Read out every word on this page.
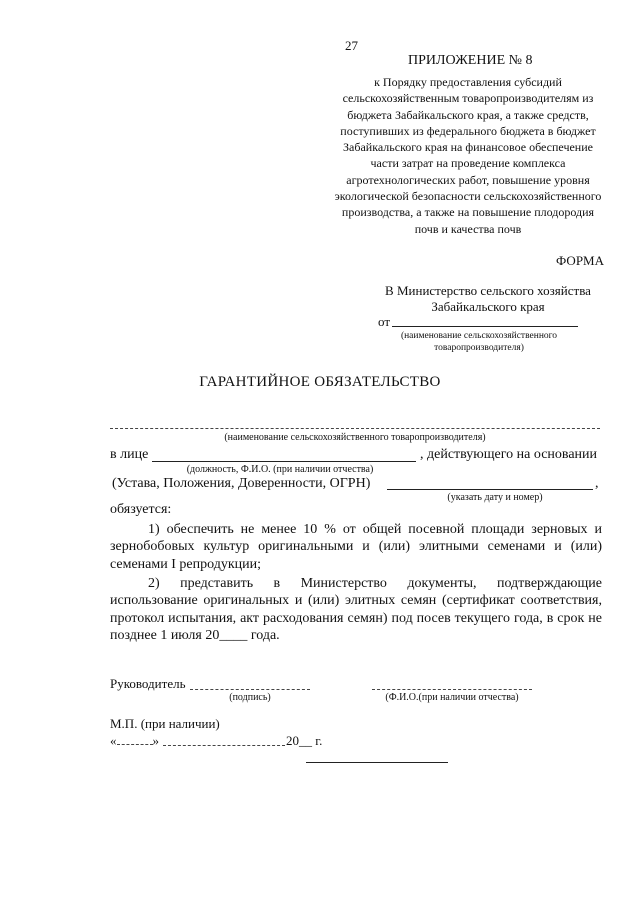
27
ПРИЛОЖЕНИЕ № 8
к Порядку предоставления субсидий сельскохозяйственным товаропроизводителям из бюджета Забайкальского края, а также средств, поступивших из федерального бюджета в бюджет Забайкальского края на финансовое обеспечение части затрат на проведение комплекса агротехнологических работ, повышение уровня экологической безопасности сельскохозяйственного производства, а также на повышение плодородия почв и качества почв
ФОРМА
В Министерство сельского хозяйства
Забайкальского края
от
(наименование сельскохозяйственного товаропроизводителя)
ГАРАНТИЙНОЕ ОБЯЗАТЕЛЬСТВО
(наименование сельскохозяйственного товаропроизводителя)
в лице	, действующего на основании
(должность, Ф.И.О. (при наличии отчества)
(Устава, Положения, Доверенности, ОГРН)	,
(указать дату и номер)
обязуется:
1) обеспечить не менее 10 % от общей посевной площади зерновых и зернобобовых культур оригинальными и (или) элитными семенами и (или) семенами I репродукции;
2) представить в Министерство документы, подтверждающие использование оригинальных и (или) элитных семян (сертификат соответствия, протокол испытания, акт расходования семян) под посев текущего года, в срок не позднее 1 июля 20____ года.
Руководитель
(подпись)	(Ф.И.О.(при наличии отчества)
М.П. (при наличии)
«	»	20__ г.
